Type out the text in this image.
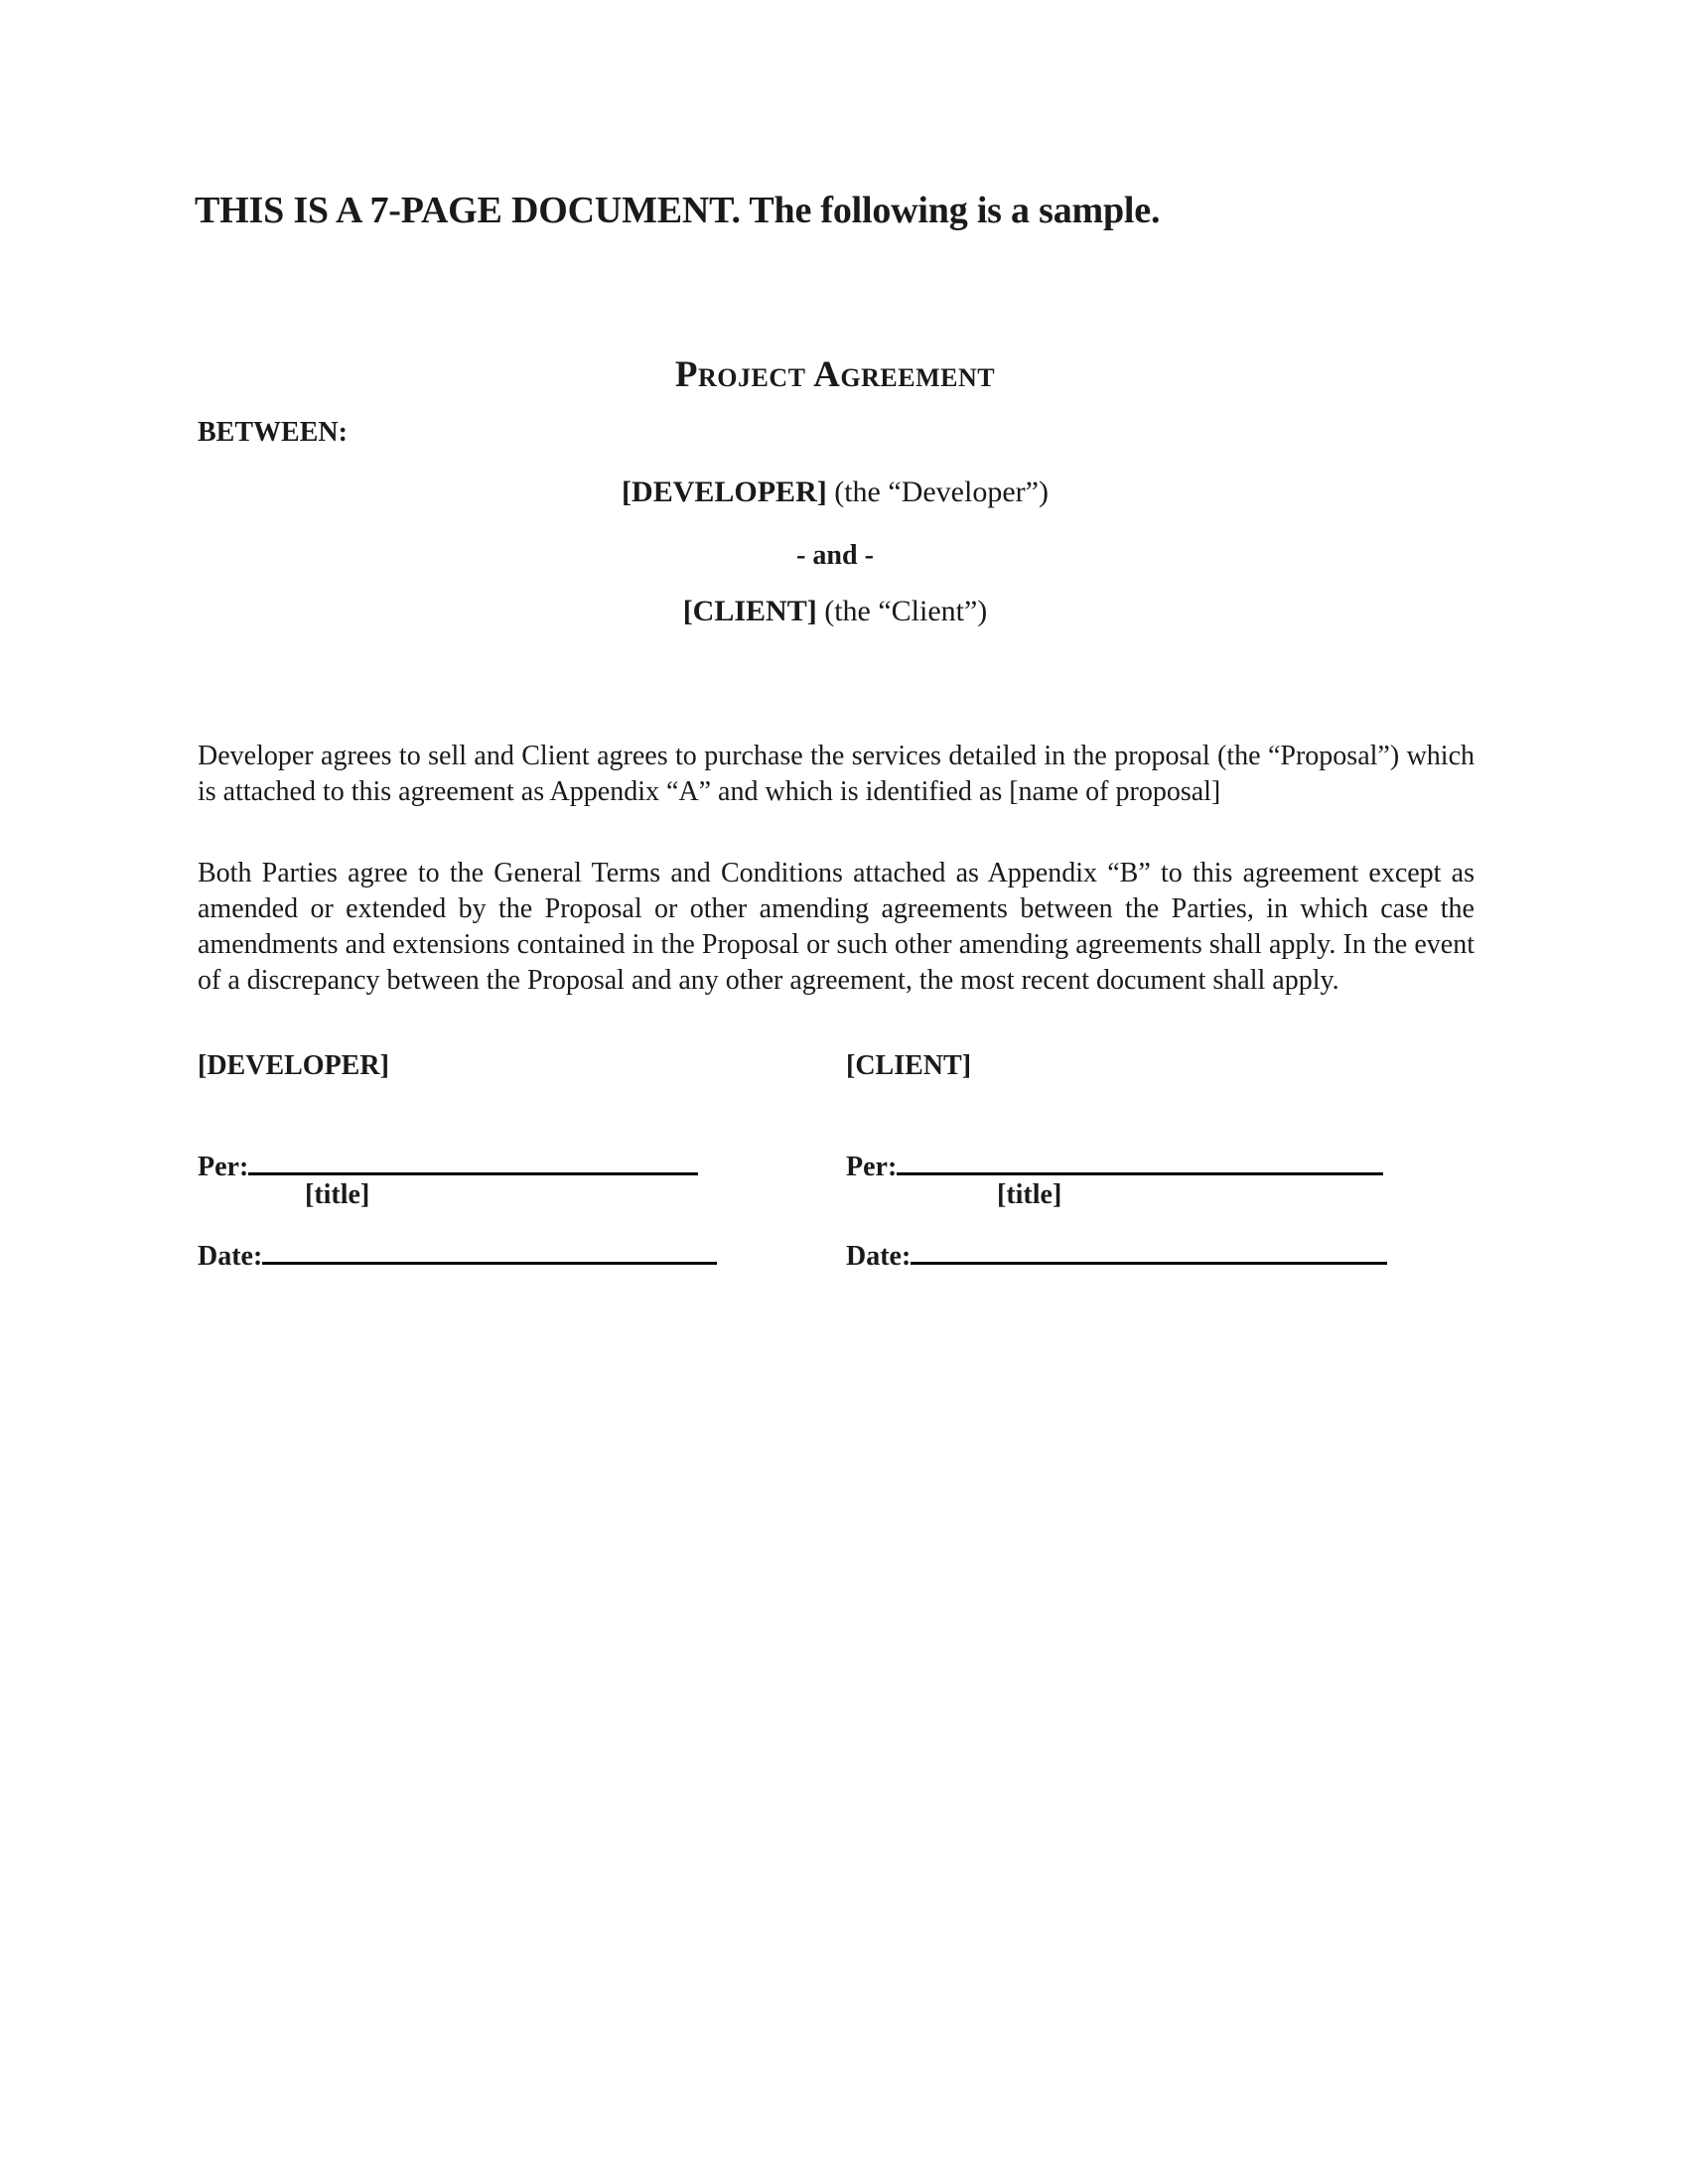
THIS IS A 7-PAGE DOCUMENT. The following is a sample.
Project Agreement
BETWEEN:
[DEVELOPER] (the “Developer”)
- and -
[CLIENT] (the “Client”)
Developer agrees to sell and Client agrees to purchase the services detailed in the proposal (the “Proposal”) which is attached to this agreement as Appendix “A” and which is identified as [name of proposal]
Both Parties agree to the General Terms and Conditions attached as Appendix “B” to this agreement except as amended or extended by the Proposal or other amending agreements between the Parties, in which case the amendments and extensions contained in the Proposal or such other amending agreements shall apply. In the event of a discrepancy between the Proposal and any other agreement, the most recent document shall apply.
[DEVELOPER]
Per:
[title]
Date:
[CLIENT]
Per:
[title]
Date:
